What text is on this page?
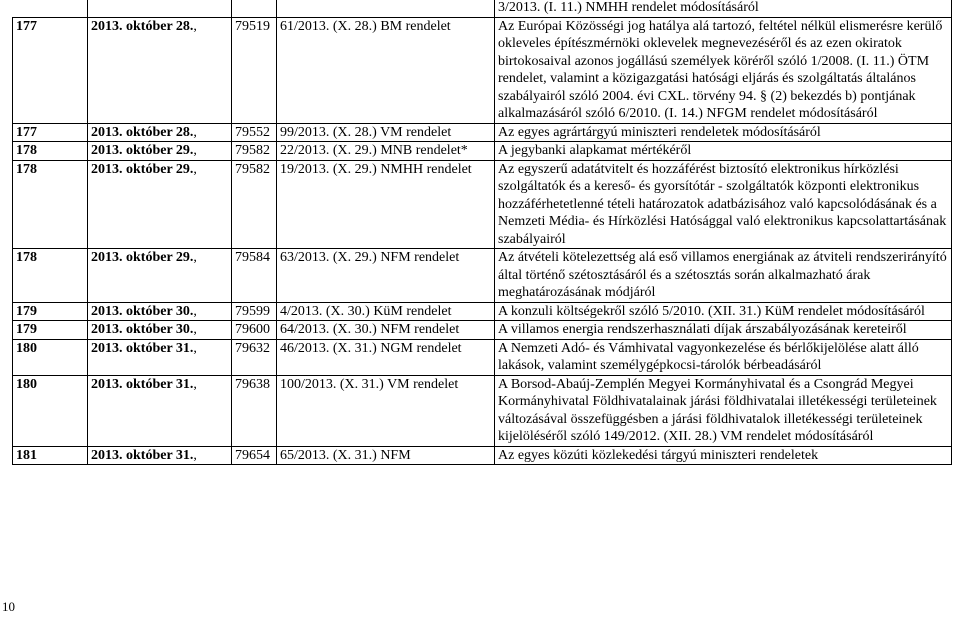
				3/2013. (I. 11.) NMHH rendelet módosításáról
177	2013. október 28.,	79519	61/2013. (X. 28.) BM rendelet	Az Európai Közösségi jog hatálya alá tartozó, feltétel nélkül elismerésre kerülő okleveles építészmérnöki oklevelek megnevezéséről és az ezen okiratok birtokosaival azonos jogállású személyek köréről szóló 1/2008. (I. 11.) ÖTM rendelet, valamint a közigazgatási hatósági eljárás és szolgáltatás általános szabályairól szóló 2004. évi CXL. törvény 94. § (2) bekezdés b) pontjának alkalmazásáról szóló 6/2010. (I. 14.) NFGM rendelet módosításáról
177	2013. október 28.,	79552	99/2013. (X. 28.) VM rendelet	Az egyes agrártárgyú miniszteri rendeletek módosításáról
178	2013. október 29.,	79582	22/2013. (X. 29.) MNB rendelet*	A jegybanki alapkamat mértékéről
178	2013. október 29.,	79582	19/2013. (X. 29.) NMHH rendelet	Az egyszerű adatátvitelt és hozzáférést biztosító elektronikus hírközlési szolgáltatók és a kereső- és gyorsítótár - szolgáltatók központi elektronikus hozzáférhetetlenné tételi határozatok adatbázisához való kapcsolódásának és a Nemzeti Média- és Hírközlési Hatósággal való elektronikus kapcsolattartásának szabályairól
178	2013. október 29.,	79584	63/2013. (X. 29.) NFM rendelet	Az átvételi kötelezettség alá eső villamos energiának az átviteli rendszerirányító által történő szétosztásáról és a szétosztás során alkalmazható árak meghatározásának módjáról
179	2013. október 30.,	79599	4/2013. (X. 30.) KüM rendelet	A konzuli költségekről szóló 5/2010. (XII. 31.) KüM rendelet módosításáról
179	2013. október 30.,	79600	64/2013. (X. 30.) NFM rendelet	A villamos energia rendszerhasználati díjak árszabályozásának kereteiről
180	2013. október 31.,	79632	46/2013. (X. 31.) NGM rendelet	A Nemzeti Adó- és Vámhivatal vagyonkezelése és bérlőkijelölése alatt álló lakások, valamint személygépkocsi-tárolók bérbeadásáról
180	2013. október 31.,	79638	100/2013. (X. 31.) VM rendelet	A Borsod-Abaúj-Zemplén Megyei Kormányhivatal és a Csongrád Megyei Kormányhivatal Földhivatalainak járási földhivatalai illetékességi területeinek változásával összefüggésben a járási földhivatalok illetékességi területeinek kijelöléséről szóló 149/2012. (XII. 28.) VM rendelet módosításáról
181	2013. október 31.,	79654	65/2013. (X. 31.) NFM	Az egyes közúti közlekedési tárgyú miniszteri rendeletek
10
